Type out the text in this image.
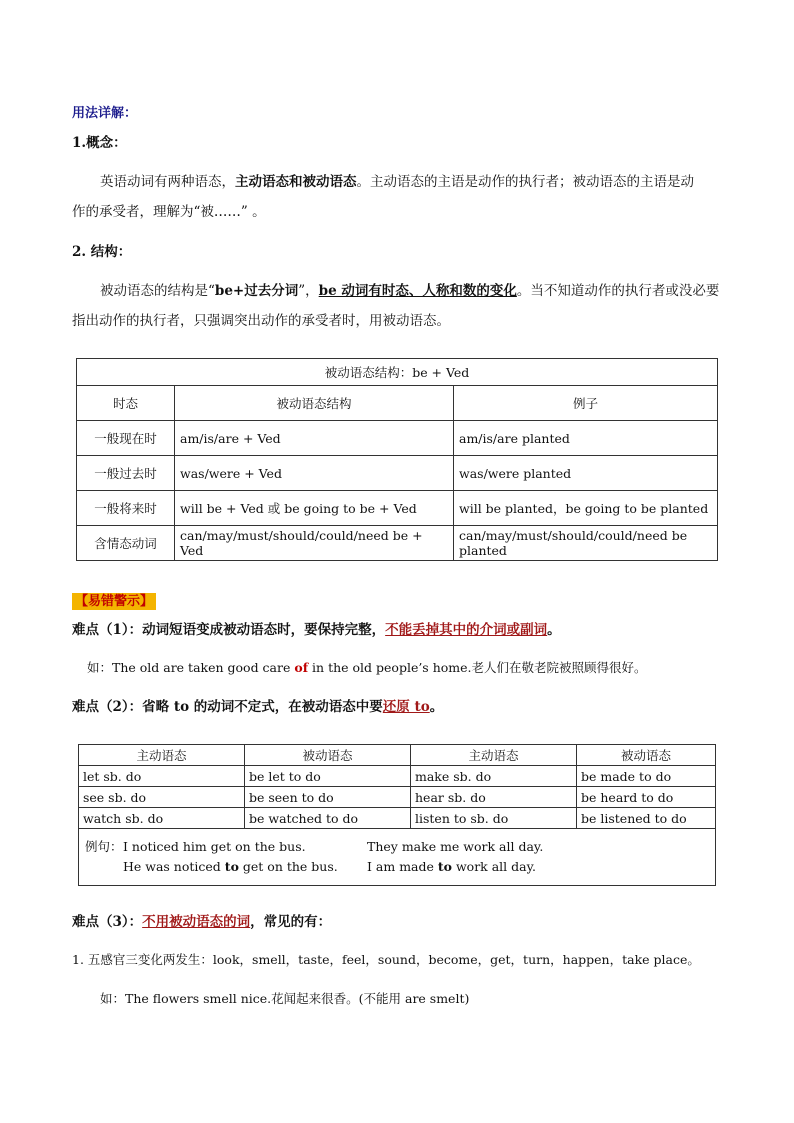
用法详解：
1.概念：
英语动词有两种语态，主动语态和被动语态。主动语态的主语是动作的执行者；被动语态的主语是动
作的承受者，理解为“被……” 。
2. 结构：
被动语态的结构是“be+过去分词”，be 动词有时态、人称和数的变化。当不知道动作的执行者或没必要
指出动作的执行者，只强调突出动作的承受者时，用被动语态。
被动语态结构：be + Ved		
时态	被动语态结构	例子
一般现在时	am/is/are + Ved	am/is/are planted
一般过去时	was/were + Ved	was/were planted
一般将来时	will be + Ved 或 be going to be + Ved	will be planted，be going to be planted
含情态动词	can/may/must/should/could/need be + Ved	can/may/must/should/could/need be planted
【易错警示】
难点（1）：动词短语变成被动语态时，要保持完整，不能丢掉其中的介词或副词。
如：The old are taken good care of in the old people’s home.老人们在敬老院被照顾得很好。
难点（2）：省略 to 的动词不定式，在被动语态中要还原 to。
主动语态	被动语态	主动语态	被动语态
let sb. do	be let to do	make sb. do	be made to do
see sb. do	be seen to do	hear sb. do	be heard to do
watch sb. do	be watched to do	listen to sb. do	be listened to do

例句： I noticed him get on the bus.
He was noticed to get on the bus.
They make me work all day.
I am made to work all day.			
难点（3）：不用被动语态的词，常见的有：
1. 五感官三变化两发生：look，smell，taste，feel，sound，become，get，turn，happen，take place。
如：The flowers smell nice.花闻起来很香。(不能用 are smelt)
